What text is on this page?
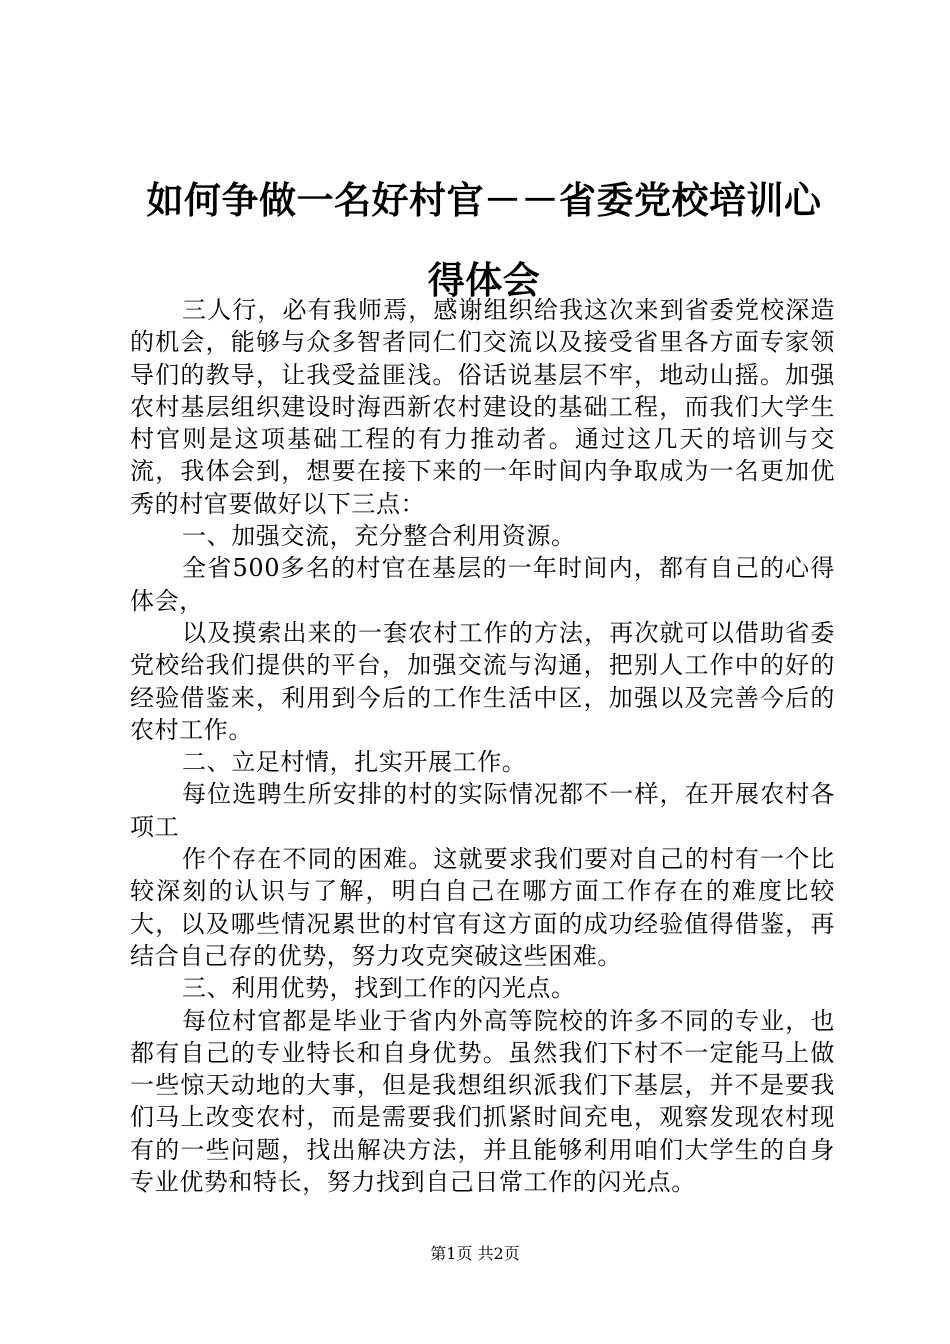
如何争做一名好村官－－省委党校培训心得体会

三人行，必有我师焉，感谢组织给我这次来到省委党校深造的机会，能够与众多智者同仁们交流以及接受省里各方面专家领导们的教导，让我受益匪浅。俗话说基层不牢，地动山摇。加强农村基层组织建设时海西新农村建设的基础工程，而我们大学生村官则是这项基础工程的有力推动者。通过这几天的培训与交流，我体会到，想要在接下来的一年时间内争取成为一名更加优秀的村官要做好以下三点：

一、加强交流，充分整合利用资源。

全省500多名的村官在基层的一年时间内，都有自己的心得体会，

以及摸索出来的一套农村工作的方法，再次就可以借助省委党校给我们提供的平台，加强交流与沟通，把别人工作中的好的经验借鉴来，利用到今后的工作生活中区，加强以及完善今后的农村工作。

二、立足村情，扎实开展工作。

每位选聘生所安排的村的实际情况都不一样，在开展农村各项工

作个存在不同的困难。这就要求我们要对自己的村有一个比较深刻的认识与了解，明白自己在哪方面工作存在的难度比较大，以及哪些情况累世的村官有这方面的成功经验值得借鉴，再结合自己存的优势，努力攻克突破这些困难。

三、利用优势，找到工作的闪光点。

每位村官都是毕业于省内外高等院校的许多不同的专业，也都有自己的专业特长和自身优势。虽然我们下村不一定能马上做一些惊天动地的大事，但是我想组织派我们下基层，并不是要我们马上改变农村，而是需要我们抓紧时间充电，观察发现农村现有的一些问题，找出解决方法，并且能够利用咱们大学生的自身专业优势和特长，努力找到自己日常工作的闪光点。

第1页 共2页
